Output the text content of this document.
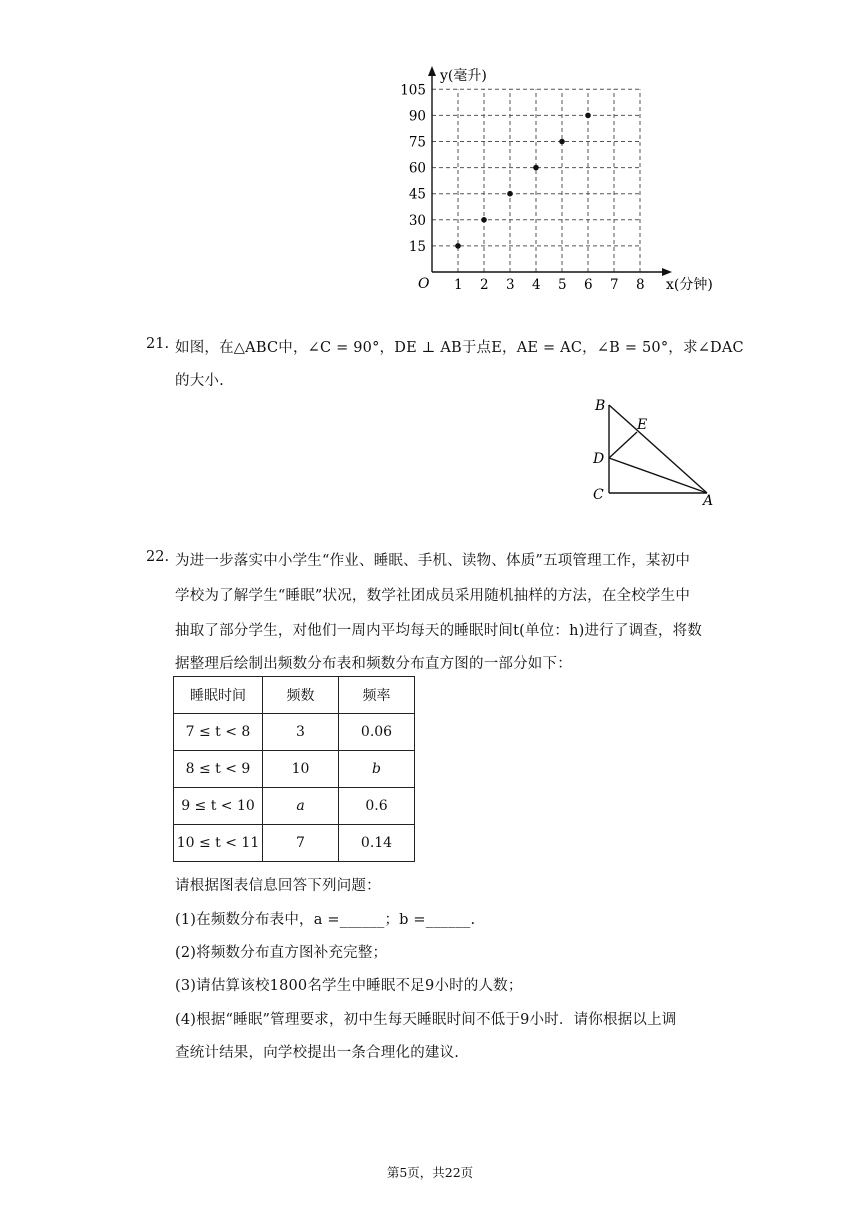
1 2 3 4 5 6 7 8
15
30
45
60
75
90
105
y(毫升)
x(分钟)
O
21. 如图，在△ABC中，∠C = 90°，DE ⊥ AB于点E，AE = AC，∠B = 50°，求∠DAC
的大小.
B
E
D
C	A
22. 为进一步落实中小学生“作业、睡眠、手机、读物、体质”五项管理工作，某初中
学校为了解学生“睡眠”状况，数学社团成员采用随机抽样的方法，在全校学生中
抽取了部分学生，对他们一周内平均每天的睡眠时间t(单位：h)进行了调查，将数
据整理后绘制出频数分布表和频数分布直方图的一部分如下：
睡眠时间	频数	频率
7 ≤ t < 8	3	0.06
8 ≤ t < 9	10	b
9 ≤ t < 10	a	0.6
10 ≤ t < 11	7	0.14
请根据图表信息回答下列问题：
(1)在频数分布表中，a =______；b =______.
(2)将频数分布直方图补充完整；
(3)请估算该校1800名学生中睡眠不足9小时的人数；
(4)根据“睡眠”管理要求，初中生每天睡眠时间不低于9小时．请你根据以上调
查统计结果，向学校提出一条合理化的建议.
第5页，共22页
